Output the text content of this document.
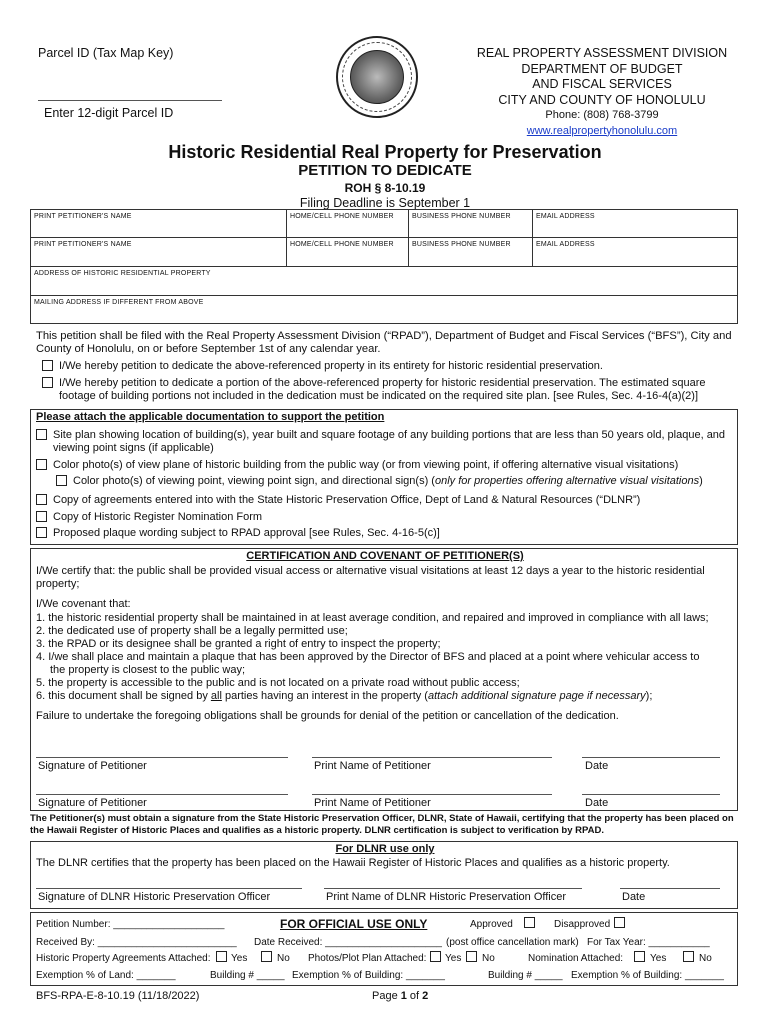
Parcel ID (Tax Map Key)
Enter 12-digit Parcel ID
REAL PROPERTY ASSESSMENT DIVISION
DEPARTMENT OF BUDGET
AND FISCAL SERVICES
CITY AND COUNTY OF HONOLULU
Phone: (808) 768-3799
www.realpropertyhonolulu.com
Historic Residential Real Property for Preservation
PETITION TO DEDICATE
ROH § 8-10.19
Filing Deadline is September 1
PRINT PETITIONER'S NAME	HOME/CELL PHONE NUMBER	BUSINESS PHONE NUMBER	EMAIL ADDRESS
PRINT PETITIONER'S NAME	HOME/CELL PHONE NUMBER	BUSINESS PHONE NUMBER	EMAIL ADDRESS
ADDRESS OF HISTORIC RESIDENTIAL PROPERTY
MAILING ADDRESS IF DIFFERENT FROM ABOVE
This petition shall be filed with the Real Property Assessment Division (“RPAD”), Department of Budget and Fiscal Services (“BFS”), City and County of Honolulu, on or before September 1st of any calendar year.
I/We hereby petition to dedicate the above-referenced property in its entirety for historic residential preservation.
I/We hereby petition to dedicate a portion of the above-referenced property for historic residential preservation. The estimated square footage of building portions not included in the dedication must be indicated on the required site plan. [see Rules, Sec. 4-16-4(a)(2)]
Please attach the applicable documentation to support the petition
Site plan showing location of building(s), year built and square footage of any building portions that are less than 50 years old, plaque, and viewing point signs (if applicable)
Color photo(s) of view plane of historic building from the public way (or from viewing point, if offering alternative visual visitations)
Color photo(s) of viewing point, viewing point sign, and directional sign(s) (only for properties offering alternative visual visitations)
Copy of agreements entered into with the State Historic Preservation Office, Dept of Land & Natural Resources (“DLNR”)
Copy of Historic Register Nomination Form
Proposed plaque wording subject to RPAD approval [see Rules, Sec. 4-16-5(c)]
CERTIFICATION AND COVENANT OF PETITIONER(S)
I/We certify that: the public shall be provided visual access or alternative visual visitations at least 12 days a year to the historic residential property;
I/We covenant that:
1. the historic residential property shall be maintained in at least average condition, and repaired and improved in compliance with all laws;
2. the dedicated use of property shall be a legally permitted use;
3. the RPAD or its designee shall be granted a right of entry to inspect the property;
4. I/we shall place and maintain a plaque that has been approved by the Director of BFS and placed at a point where vehicular access to
the property is closest to the public way;
5. the property is accessible to the public and is not located on a private road without public access;
6. this document shall be signed by all parties having an interest in the property (attach additional signature page if necessary);
Failure to undertake the foregoing obligations shall be grounds for denial of the petition or cancellation of the dedication.
Signature of Petitioner	Print Name of Petitioner	Date
Signature of Petitioner	Print Name of Petitioner	Date
The Petitioner(s) must obtain a signature from the State Historic Preservation Officer, DLNR, State of Hawaii, certifying that the property has been placed on the Hawaii Register of Historic Places and qualifies as a historic property. DLNR certification is subject to verification by RPAD.
For DLNR use only
The DLNR certifies that the property has been placed on the Hawaii Register of Historic Places and qualifies as a historic property.
Signature of DLNR Historic Preservation Officer	Print Name of DLNR Historic Preservation Officer	Date
Petition Number: ____________________	FOR OFFICIAL USE ONLY	Approved	Disapproved
Received By: _________________________ Date Received: _____________________ (post office cancellation mark) For Tax Year: ___________
Historic Property Agreements Attached: Yes	No Photos/Plot Plan Attached: Yes No	Nomination Attached:	Yes	No
Exemption % of Land: _______	Building # _____ Exemption % of Building: _______	Building # _____ Exemption % of Building: _______
BFS-RPA-E-8-10.19 (11/18/2022)	Page 1 of 2
